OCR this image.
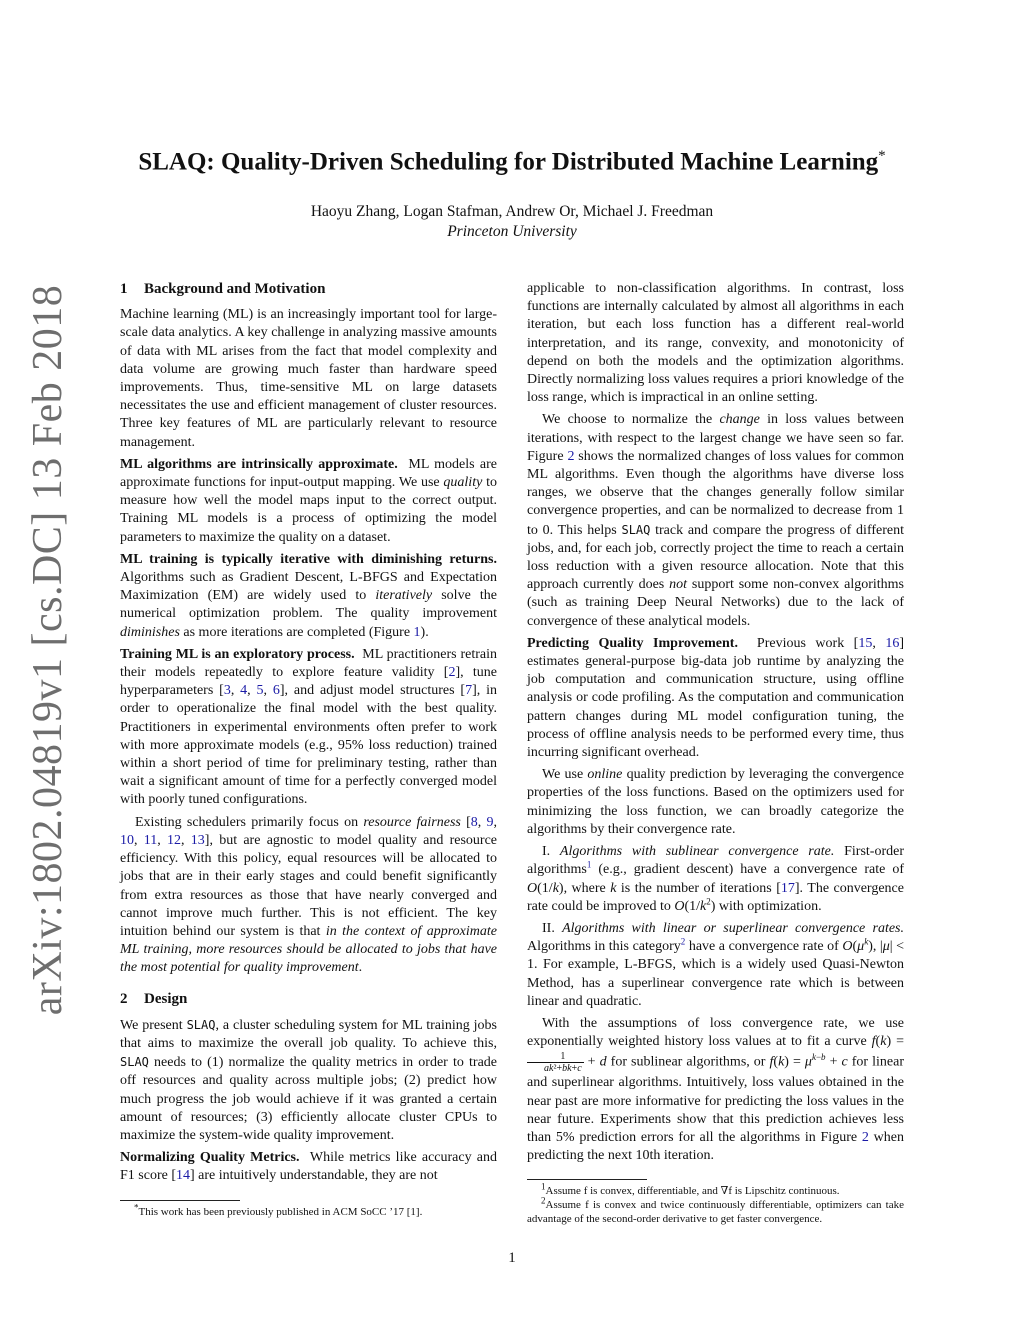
arXiv:1802.04819v1 [cs.DC] 13 Feb 2018
SLAQ: Quality-Driven Scheduling for Distributed Machine Learning*
Haoyu Zhang, Logan Stafman, Andrew Or, Michael J. Freedman
Princeton University
1 Background and Motivation

Machine learning (ML) is an increasingly important tool for large-scale data analytics. A key challenge in analyzing massive amounts of data with ML arises from the fact that model complexity and data volume are growing much faster than hardware speed improvements. Thus, time-sensitive ML on large datasets necessitates the use and efficient management of cluster resources. Three key features of ML are particularly relevant to resource management.

ML algorithms are intrinsically approximate.  ML models are approximate functions for input-output mapping. We use quality to measure how well the model maps input to the correct output. Training ML models is a process of optimizing the model parameters to maximize the quality on a dataset.

ML training is typically iterative with diminishing returns. Algorithms such as Gradient Descent, L-BFGS and Expectation Maximization (EM) are widely used to iteratively solve the numerical optimization problem. The quality improvement diminishes as more iterations are completed (Figure 1).

Training ML is an exploratory process.  ML practitioners retrain their models repeatedly to explore feature validity [2], tune hyperparameters [3, 4, 5, 6], and adjust model structures [7], in order to operationalize the final model with the best quality. Practitioners in experimental environments often prefer to work with more approximate models (e.g., 95% loss reduction) trained within a short period of time for preliminary testing, rather than wait a significant amount of time for a perfectly converged model with poorly tuned configurations.

Existing schedulers primarily focus on resource fairness [8, 9, 10, 11, 12, 13], but are agnostic to model quality and resource efficiency. With this policy, equal resources will be allocated to jobs that are in their early stages and could benefit significantly from extra resources as those that have nearly converged and cannot improve much further. This is not efficient. The key intuition behind our system is that in the context of approximate ML training, more resources should be allocated to jobs that have the most potential for quality improvement.

2 Design

We present SLAQ, a cluster scheduling system for ML training jobs that aims to maximize the overall job quality. To achieve this, SLAQ needs to (1) normalize the quality metrics in order to trade off resources and quality across multiple jobs; (2) predict how much progress the job would achieve if it was granted a certain amount of resources; (3) efficiently allocate cluster CPUs to maximize the system-wide quality improvement.

Normalizing Quality Metrics.  While metrics like accuracy and F1 score [14] are intuitively understandable, they are not

*This work has been previously published in ACM SoCC ’17 [1].

applicable to non-classification algorithms. In contrast, loss functions are internally calculated by almost all algorithms in each iteration, but each loss function has a different real-world interpretation, and its range, convexity, and monotonicity of depend on both the models and the optimization algorithms. Directly normalizing loss values requires a priori knowledge of the loss range, which is impractical in an online setting.

We choose to normalize the change in loss values between iterations, with respect to the largest change we have seen so far. Figure 2 shows the normalized changes of loss values for common ML algorithms. Even though the algorithms have diverse loss ranges, we observe that the changes generally follow similar convergence properties, and can be normalized to decrease from 1 to 0. This helps SLAQ track and compare the progress of different jobs, and, for each job, correctly project the time to reach a certain loss reduction with a given resource allocation. Note that this approach currently does not support some non-convex algorithms (such as training Deep Neural Networks) due to the lack of convergence of these analytical models.

Predicting Quality Improvement.  Previous work [15, 16] estimates general-purpose big-data job runtime by analyzing the job computation and communication structure, using offline analysis or code profiling. As the computation and communication pattern changes during ML model configuration tuning, the process of offline analysis needs to be performed every time, thus incurring significant overhead.

We use online quality prediction by leveraging the convergence properties of the loss functions. Based on the optimizers used for minimizing the loss function, we can broadly categorize the algorithms by their convergence rate.

I. Algorithms with sublinear convergence rate. First-order algorithms$^1$ (e.g., gradient descent) have a convergence rate of O(1/k), where k is the number of iterations [17]. The convergence rate could be improved to $O(1/k^2)$ with optimization.

II. Algorithms with linear or superlinear convergence rates. Algorithms in this category$^2$ have a convergence rate of $O(\mu^k)$, |μ| < 1. For example, L-BFGS, which is a widely used Quasi-Newton Method, has a superlinear convergence rate which is between linear and quadratic.

With the assumptions of loss convergence rate, we use exponentially weighted history loss values at to fit a curve f(k) =
$\frac{1}{\text{ak²+bk+c}} + d$ for sublinear algorithms, or $f(k) = \mu^{k-b} + c$ for linear and superlinear algorithms. Intuitively, loss values obtained in the near past are more informative for predicting the loss values in the near future. Experiments show that this prediction achieves less than 5% prediction errors for all the algorithms in Figure 2 when predicting the next 10th iteration.

$^1$Assume f is convex, differentiable, and ∇f is Lipschitz continuous.

$^2$Assume f is convex and twice continuously differentiable, optimizers can take advantage of the second-order derivative to get faster convergence.

1
